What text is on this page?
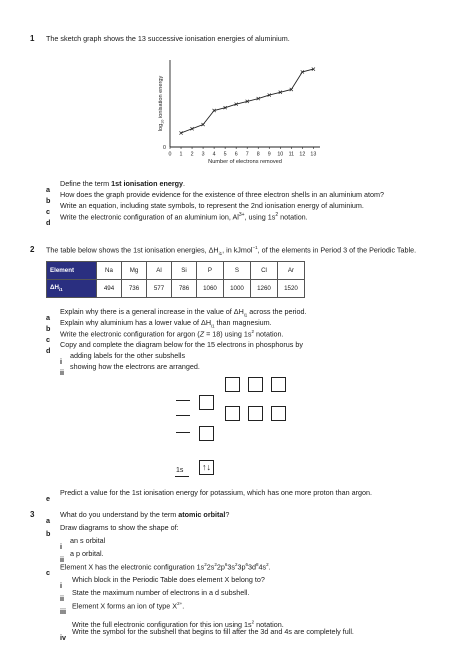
1 The sketch graph shows the 13 successive ionisation energies of aluminium.
0 1 2 3 4 5 6 7 8 9 10 11 12 13
0
Number of electrons removed
$\log_{10}$ ionisation energy
a
Define the term 1st ionisation energy.
b
How does the graph provide evidence for the existence of three electron shells in an aluminium atom?
c
Write an equation, including state symbols, to represent the 2nd ionisation energy of aluminium.
d
Write the electronic configuration of an aluminium ion, $Al^{3+}$, using $1s^2$ notation.
2 The table below shows the 1st ionisation energies, $\Delta H_{i1}$, in kJmol$^{-1}$, of the elements in Period 3 of the Periodic Table.
Element	Na	Mg	Al	Si	P	S	Cl	Ar
$\Delta H_{i1}$	494	736	577	786	1060	1000	1260	1520
a
Explain why there is a general increase in the value of $\Delta H_{i1}$ across the period.
b
Explain why aluminium has a lower value of $\Delta H_{i1}$ than magnesium.
c
Write the electronic configuration for argon (Z = 18) using $1s^2$ notation.
d
Copy and complete the diagram below for the 15 electrons in phosphorus by
i
adding labels for the other subshells
ii
showing how the electrons are arranged.
1s	↑↓
e
Predict a value for the 1st ionisation energy for potassium, which has one more proton than argon.
3
a
What do you understand by the term atomic orbital?
b
Draw diagrams to show the shape of:
i
an s orbital
ii
a p orbital.
c
Element X has the electronic configuration $1s^22s^22p^63s^23p^63d^84s^2$.
i
Which block in the Periodic Table does element X belong to?
ii
State the maximum number of electrons in a d subshell.
iii
Element X forms an ion of type $X^{2+}$.
Write the full electronic configuration for this ion using $1s^2$ notation.
iv
Write the symbol for the subshell that begins to fill after the 3d and 4s are completely full.
